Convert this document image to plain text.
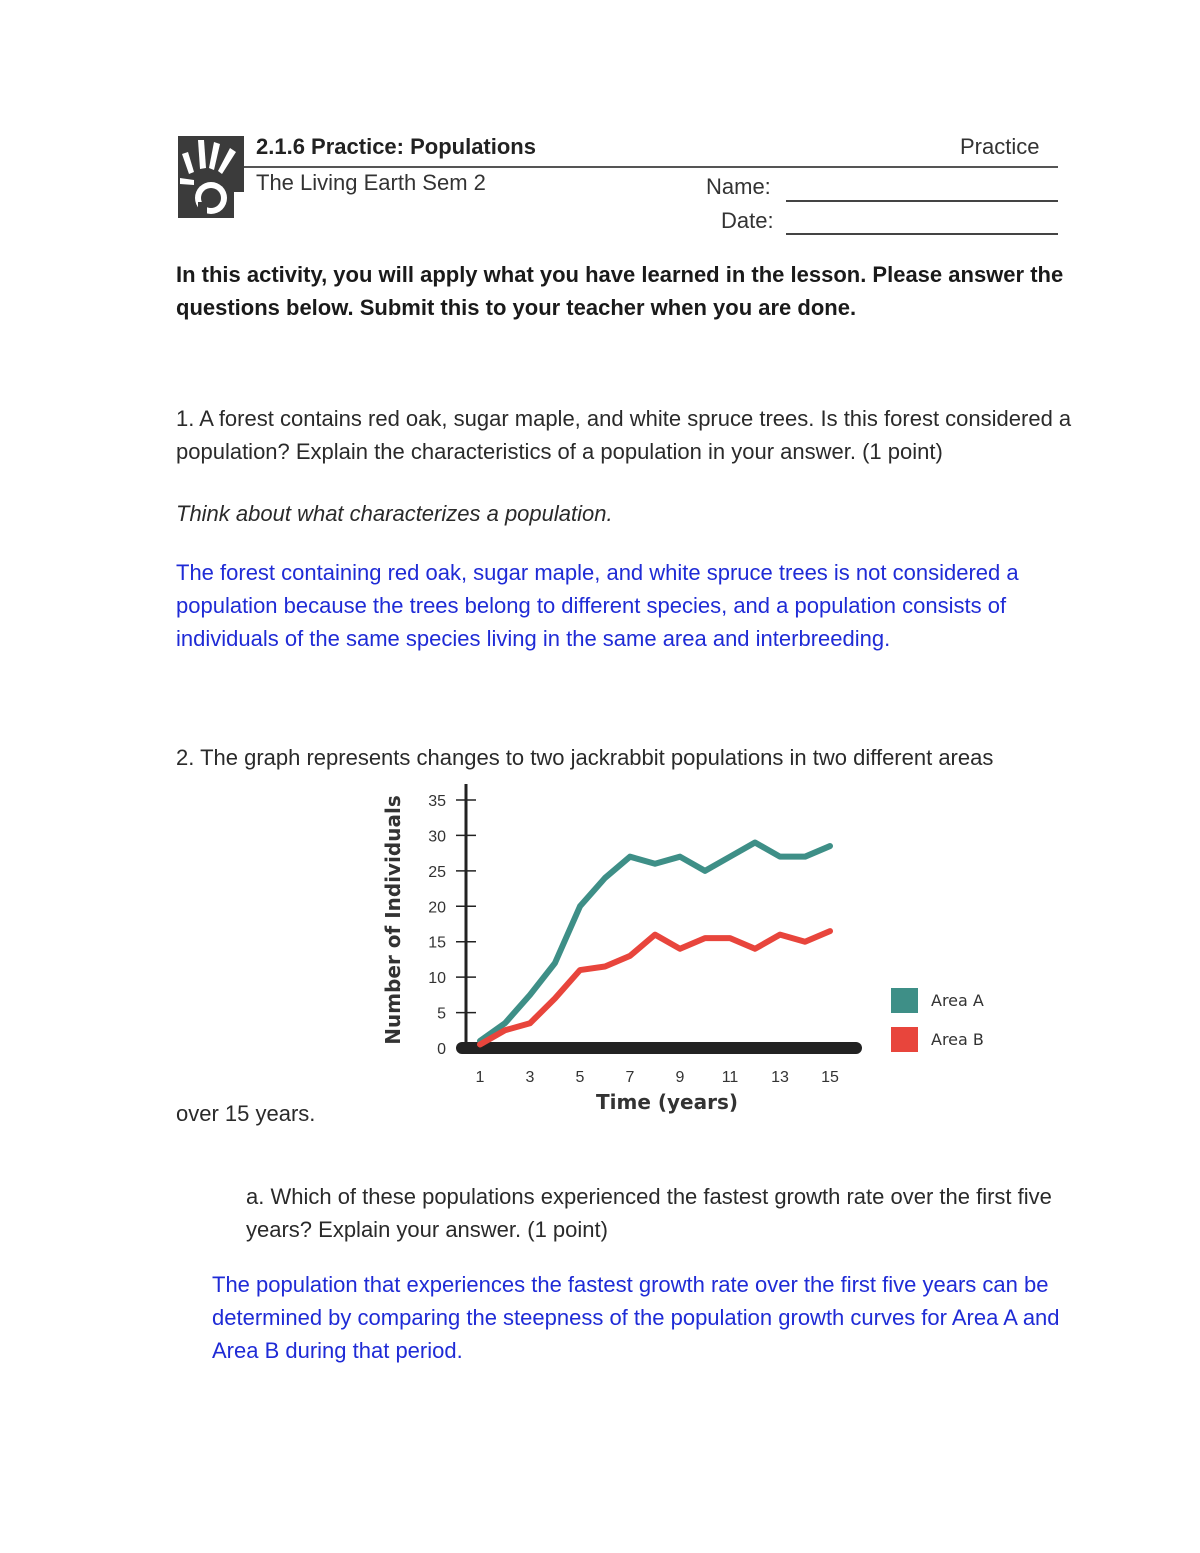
2.1.6 Practice: Populations	Practice
The Living Earth Sem 2	Name:
Date:
In this activity, you will apply what you have learned in the lesson. Please answer the questions below. Submit this to your teacher when you are done.
1. A forest contains red oak, sugar maple, and white spruce trees. Is this forest considered a population? Explain the characteristics of a population in your answer. (1 point)
Think about what characterizes a population.
The forest containing red oak, sugar maple, and white spruce trees is not considered a population because the trees belong to different species, and a population consists of individuals of the same species living in the same area and interbreeding.
2. The graph represents changes to two jackrabbit populations in two different areas
0
5
10
15
20
25
30
35
1	3	5	7	9 11 13 15
Time (years)
Number of Individuals	Area A
Area B
over 15 years.
a. Which of these populations experienced the fastest growth rate over the first five years? Explain your answer. (1 point)
The population that experiences the fastest growth rate over the first five years can be determined by comparing the steepness of the population growth curves for Area A and Area B during that period.
